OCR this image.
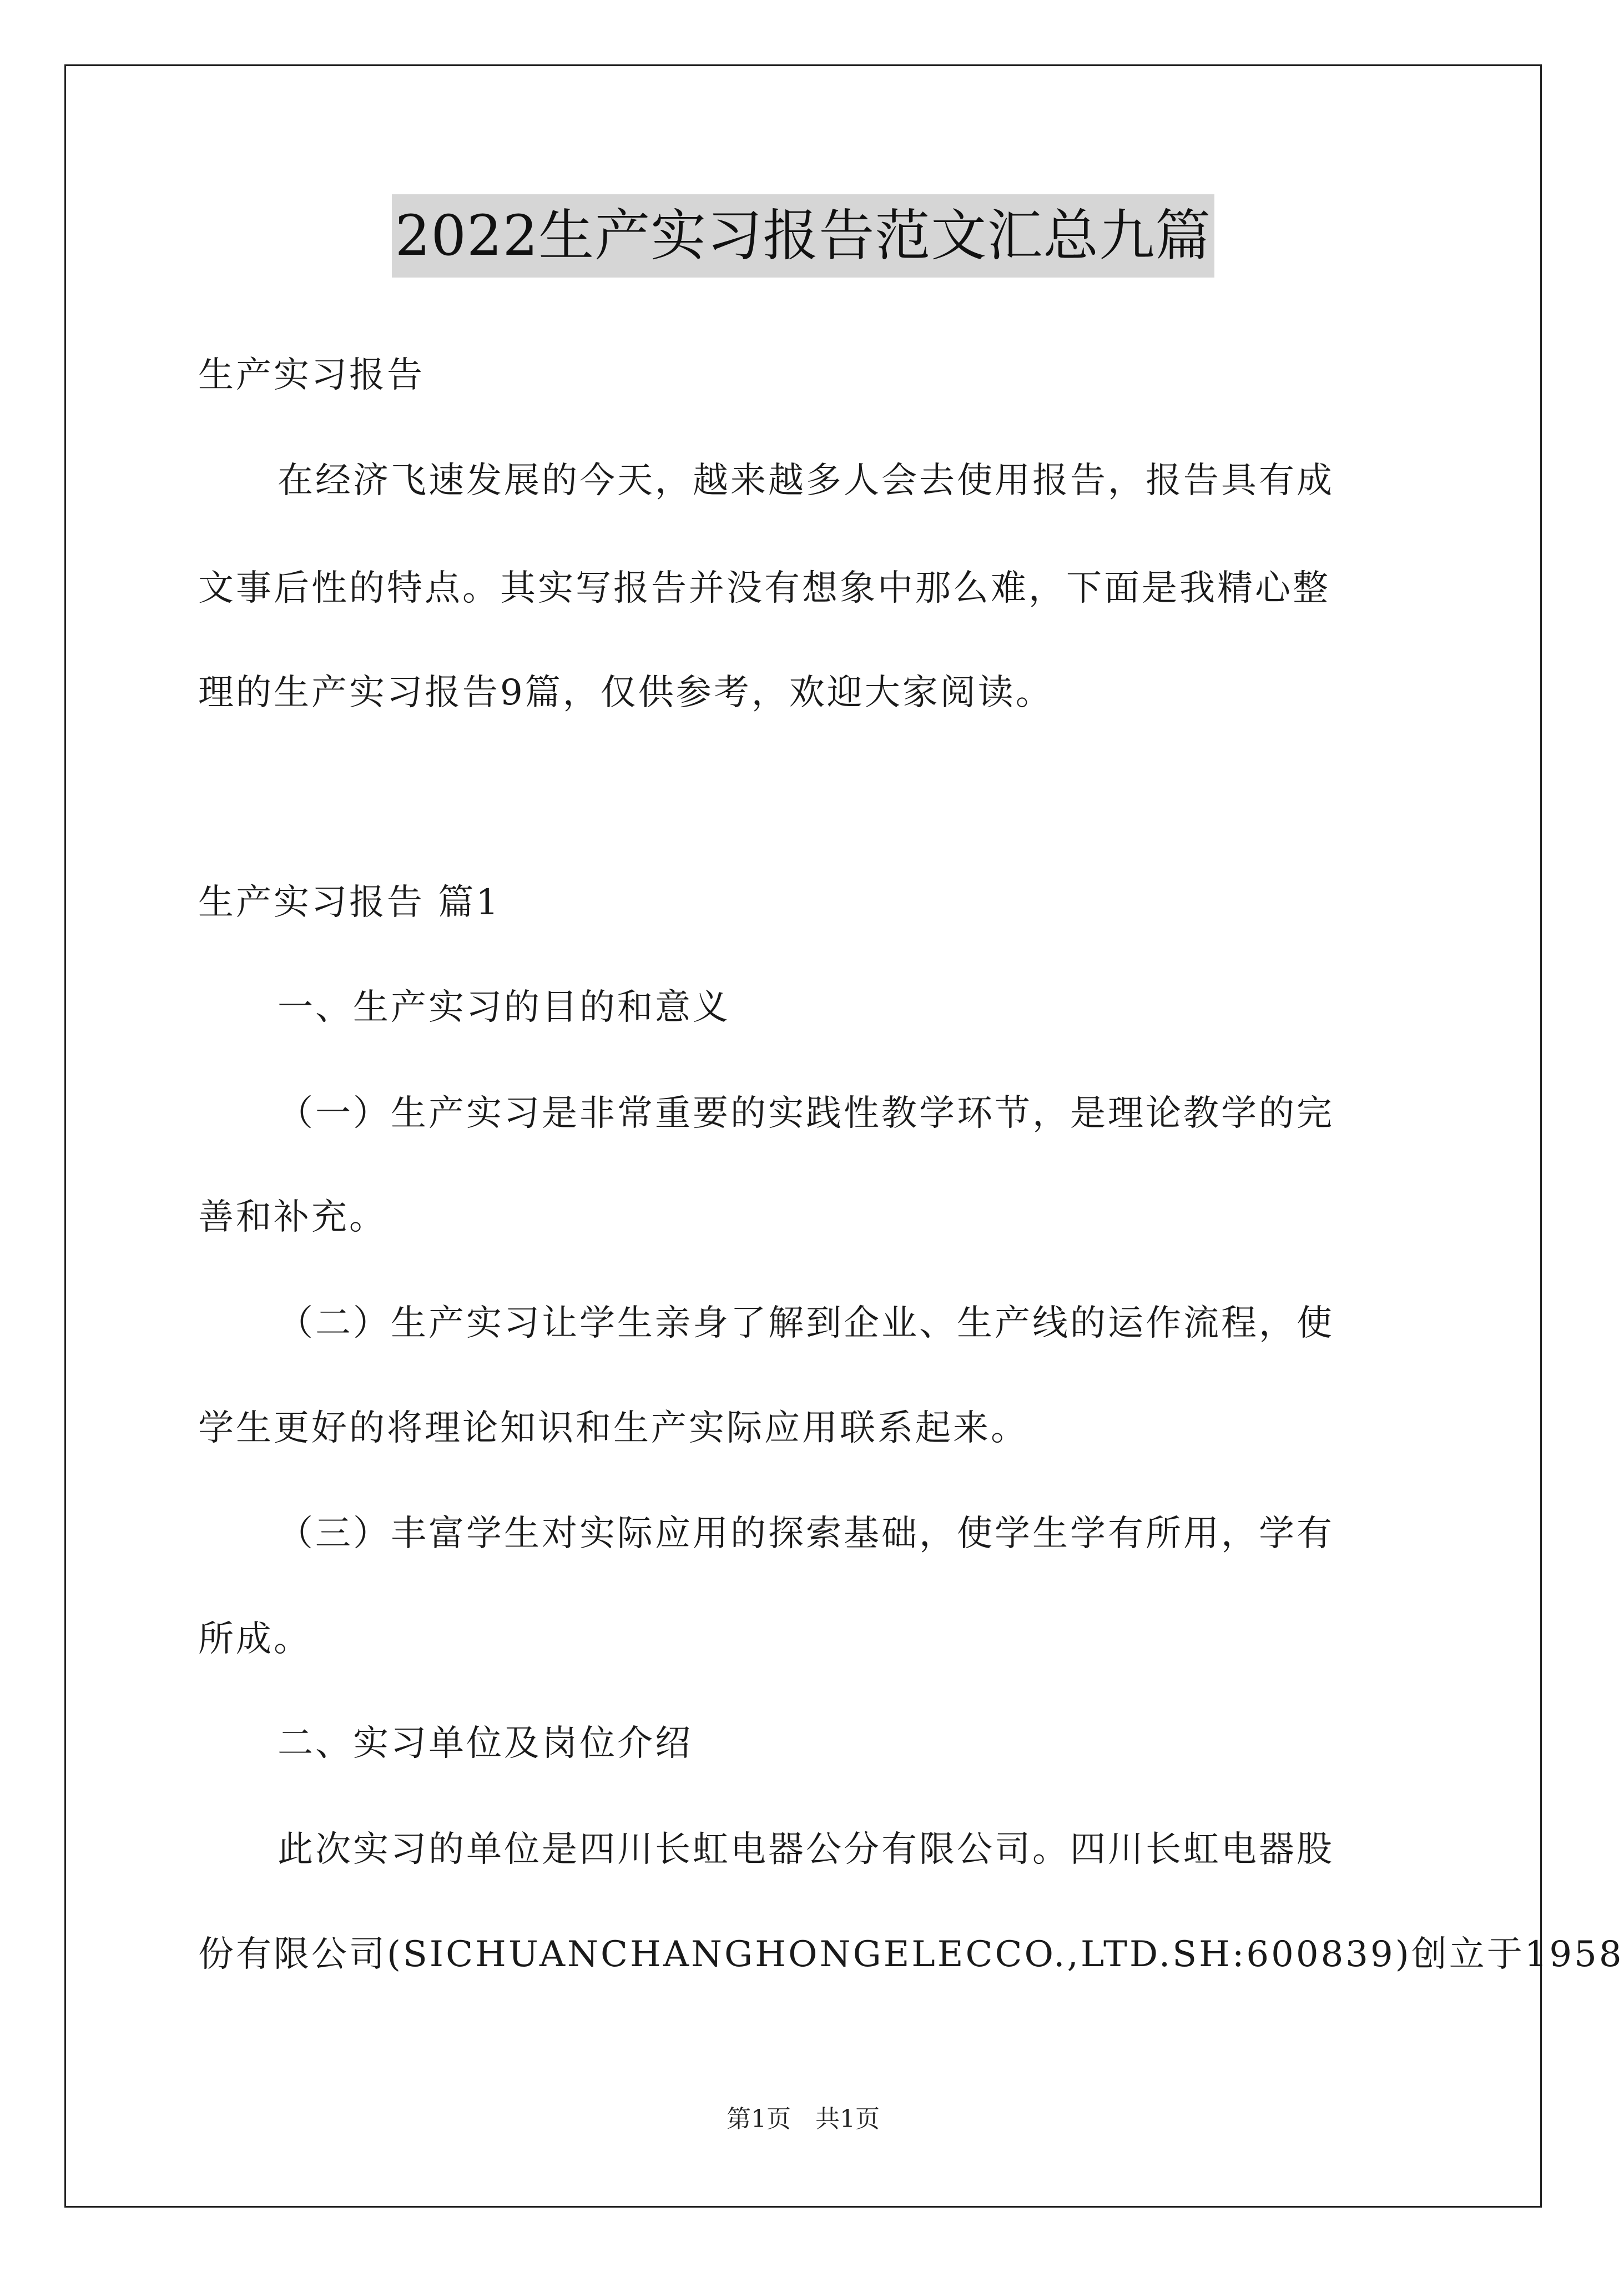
2022生产实习报告范文汇总九篇
生产实习报告
在经济飞速发展的今天，越来越多人会去使用报告，报告具有成
文事后性的特点。其实写报告并没有想象中那么难，下面是我精心整
理的生产实习报告9篇，仅供参考，欢迎大家阅读。
生产实习报告 篇1
一、生产实习的目的和意义
（一）生产实习是非常重要的实践性教学环节，是理论教学的完
善和补充。
（二）生产实习让学生亲身了解到企业、生产线的运作流程，使
学生更好的将理论知识和生产实际应用联系起来。
（三）丰富学生对实际应用的探索基础，使学生学有所用，学有
所成。
二、实习单位及岗位介绍
此次实习的单位是四川长虹电器公分有限公司。四川长虹电器股
份有限公司(SICHUANCHANGHONGELECCO.,LTD.SH:600839)创立于1958
第1页　共1页
